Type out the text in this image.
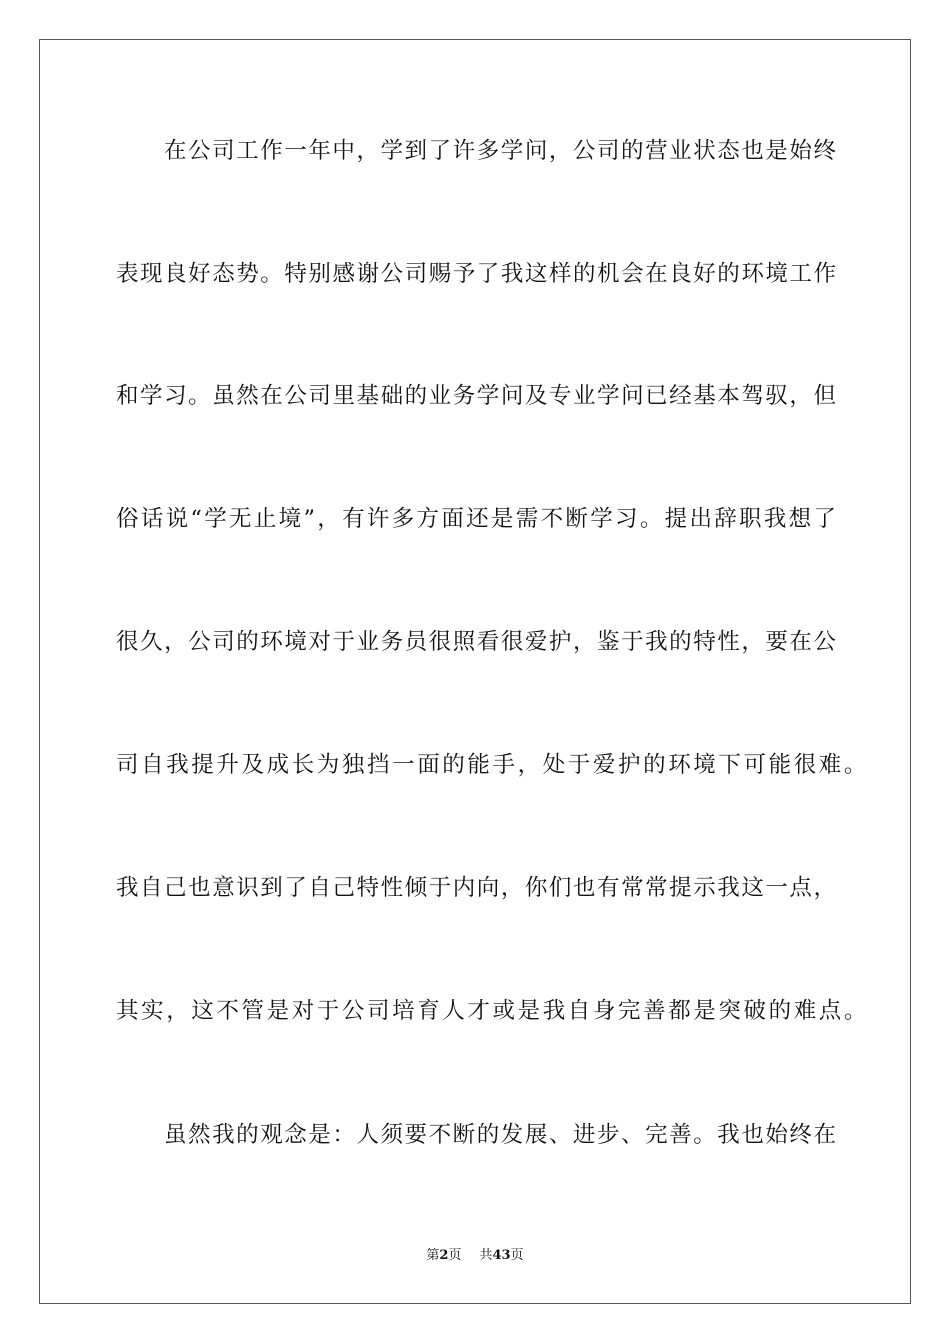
在公司工作一年中，学到了许多学问，公司的营业状态也是始终
表现良好态势。特别感谢公司赐予了我这样的机会在良好的环境工作
和学习。虽然在公司里基础的业务学问及专业学问已经基本驾驭，但
俗话说“学无止境”，有许多方面还是需不断学习。提出辞职我想了
很久，公司的环境对于业务员很照看很爱护，鉴于我的特性，要在公
司自我提升及成长为独挡一面的能手，处于爱护的环境下可能很难。
我自己也意识到了自己特性倾于内向，你们也有常常提示我这一点，
其实，这不管是对于公司培育人才或是我自身完善都是突破的难点。
虽然我的观念是：人须要不断的发展、进步、完善。我也始终在
第2页 共43页
